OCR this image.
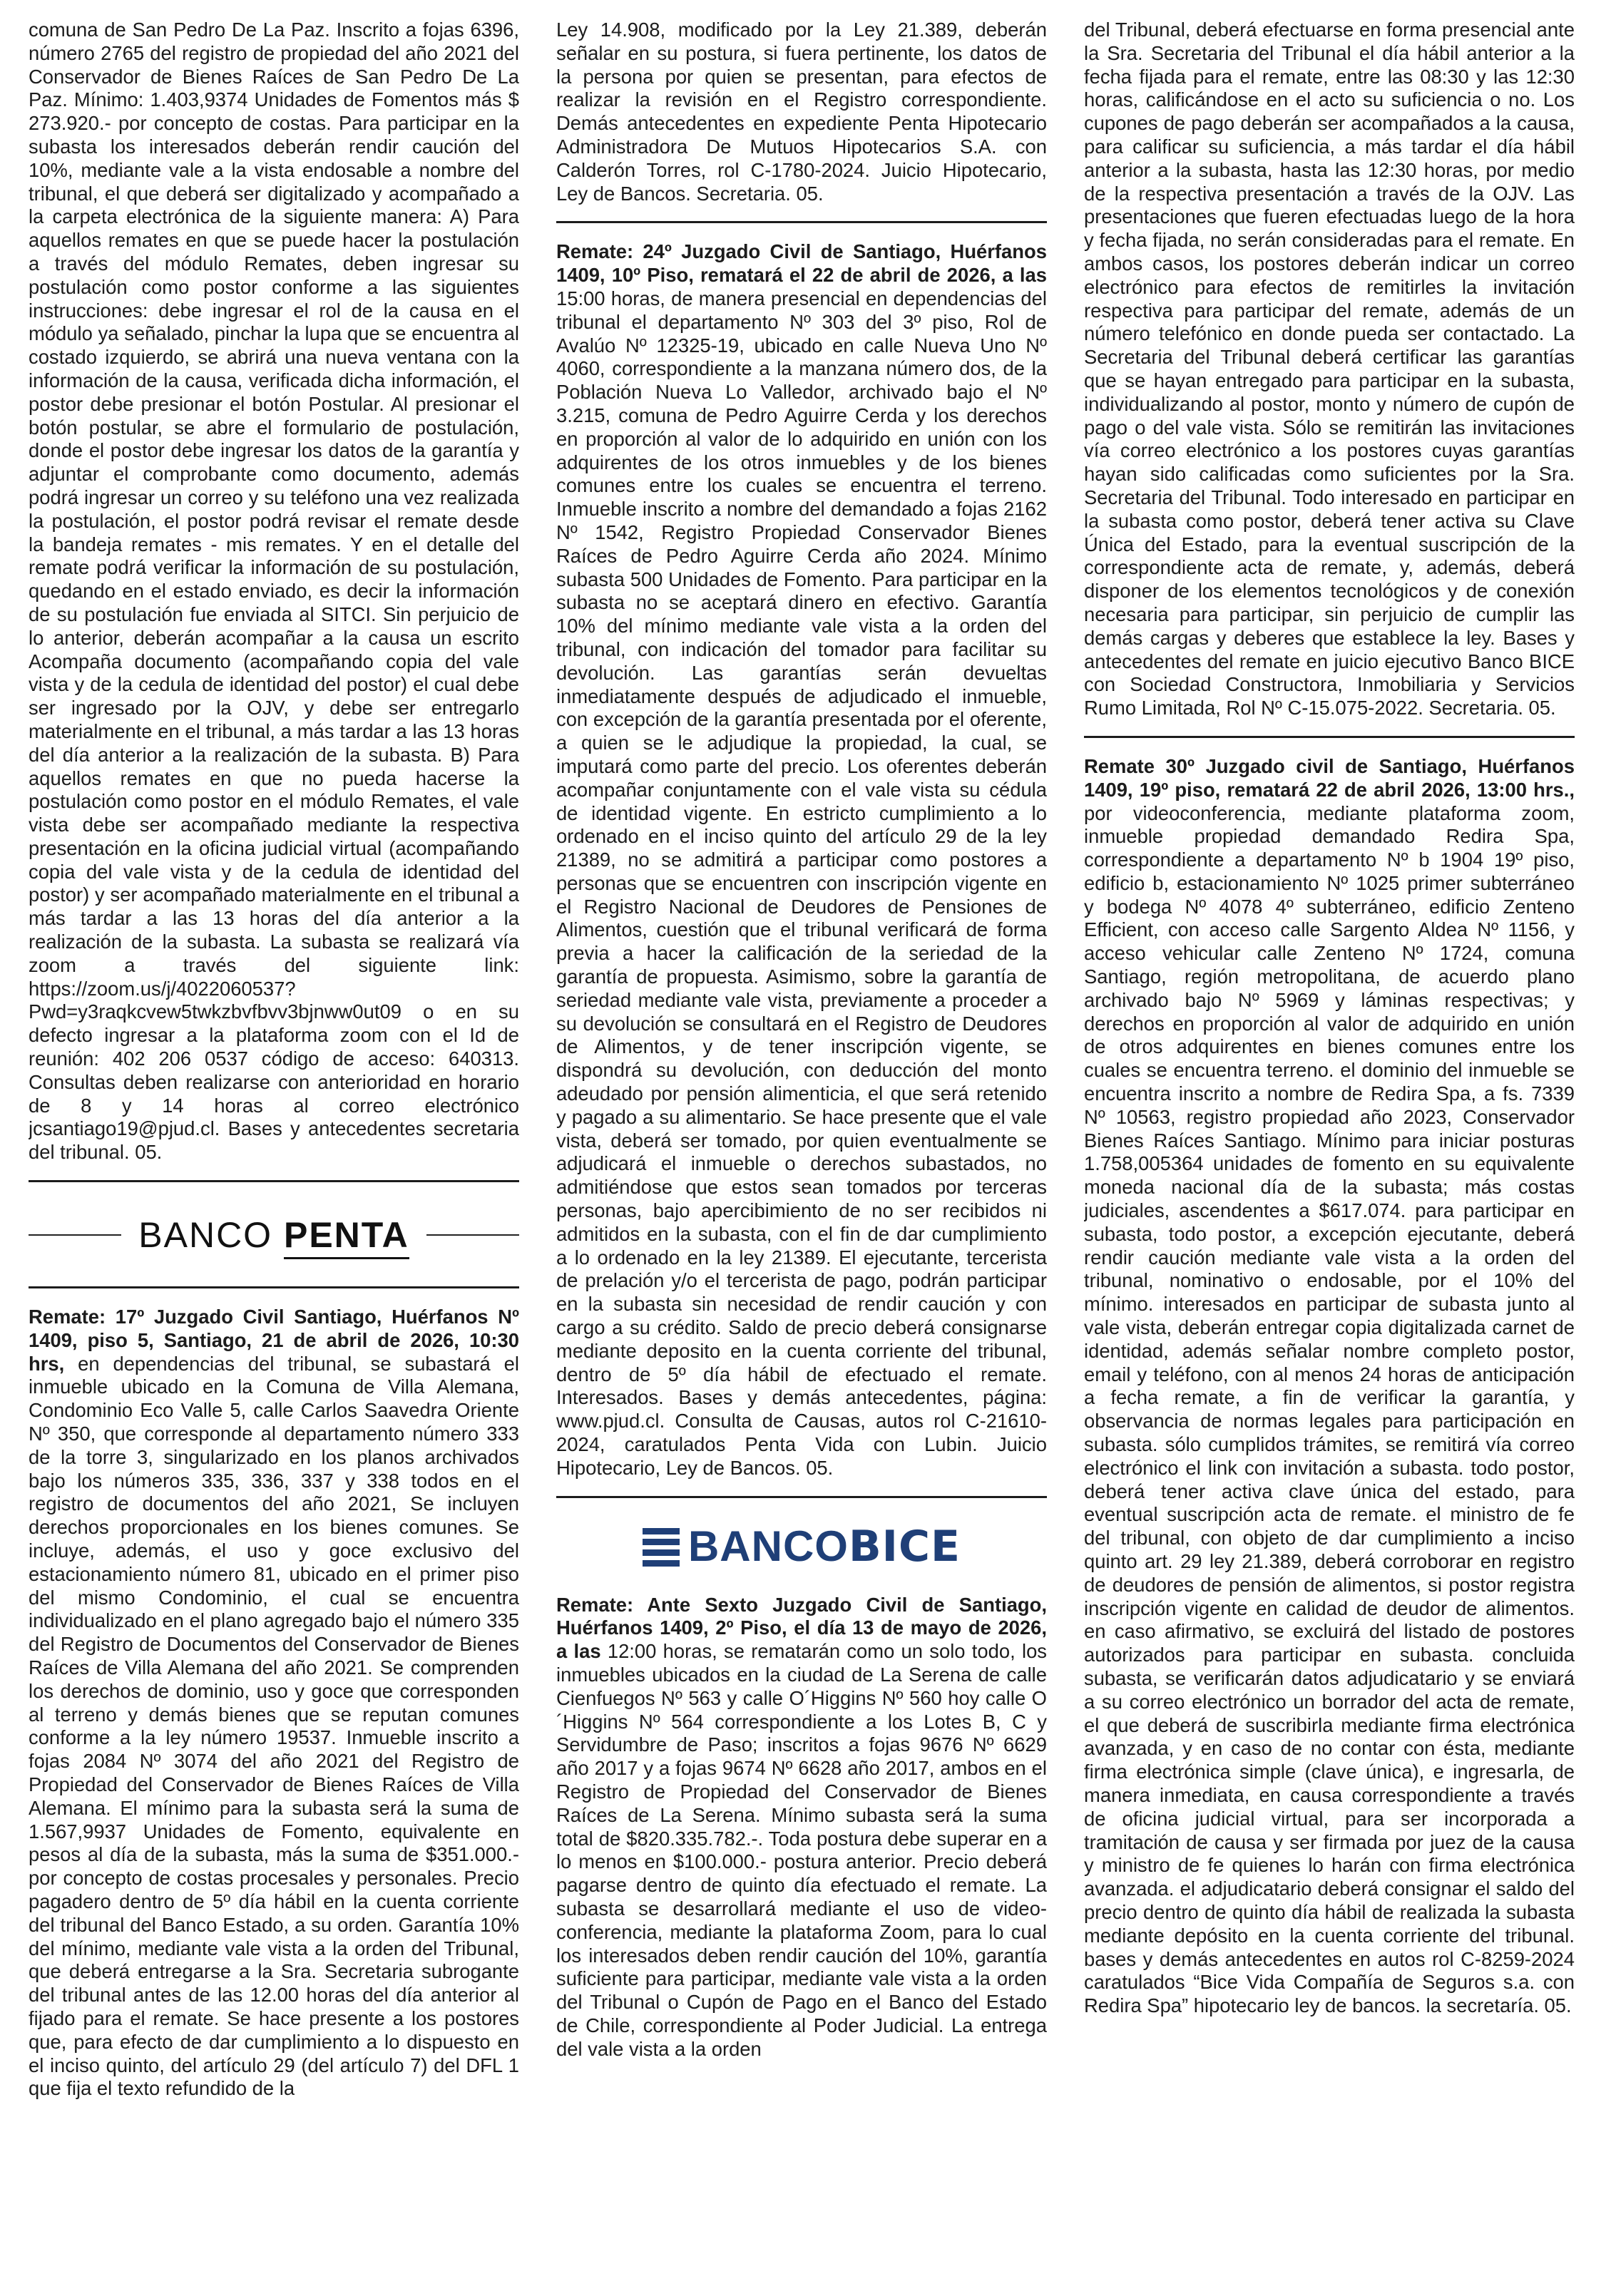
comuna de San Pedro De La Paz. Inscrito a fojas 6396, número 2765 del registro de propiedad del año 2021 del Conservador de Bienes Raíces de San Pedro De La Paz. Mínimo: 1.403,9374 Unidades de Fomentos más $ 273.920.- por concepto de costas. Para participar en la subasta los interesados deberán rendir caución del 10%, mediante vale a la vista endosable a nombre del tribunal, el que deberá ser digitalizado y acompañado a la carpeta electrónica de la siguiente manera: A) Para aquellos remates en que se puede hacer la postulación a través del módulo Remates, deben ingresar su postulación como postor conforme a las siguientes instrucciones: debe ingresar el rol de la causa en el módulo ya señalado, pinchar la lupa que se encuentra al costado izquierdo, se abrirá una nueva ventana con la información de la causa, verificada dicha información, el postor debe presionar el botón Postular. Al presionar el botón postular, se abre el formulario de postulación, donde el postor debe ingresar los datos de la garantía y adjuntar el comprobante como documento, además podrá ingresar un correo y su teléfono una vez realizada la postulación, el postor podrá revisar el remate desde la bandeja remates - mis remates. Y en el detalle del remate podrá verificar la información de su postulación, quedando en el estado enviado, es decir la información de su postulación fue enviada al SITCI. Sin perjuicio de lo anterior, deberán acompañar a la causa un escrito Acompaña documento (acompañando copia del vale vista y de la cedula de identidad del postor) el cual debe ser ingresado por la OJV, y debe ser entregarlo materialmente en el tribunal, a más tardar a las 13 horas del día anterior a la realización de la subasta. B) Para aquellos remates en que no pueda hacerse la postulación como postor en el módulo Remates, el vale vista debe ser acompañado mediante la respectiva presentación en la oficina judicial virtual (acompañando copia del vale vista y de la cedula de identidad del postor) y ser acompañado materialmente en el tribunal a más tardar a las 13 horas del día anterior a la realización de la subasta. La subasta se realizará vía zoom a través del siguiente link: https://zoom.us/j/4022060537?Pwd=y3raqkcvew5twkzbvfbvv3bjnww0ut09 o en su defecto ingresar a la plataforma zoom con el Id de reunión: 402 206 0537 código de acceso: 640313. Consultas deben realizarse con anterioridad en horario de 8 y 14 horas al correo electrónico jcsantiago19@pjud.cl. Bases y antecedentes secretaria del tribunal. 05.

BANCO PENTA

Remate: 17º Juzgado Civil Santiago, Huérfanos Nº 1409, piso 5, Santiago, 21 de abril de 2026, 10:30 hrs, en dependencias del tribunal, se subastará el inmueble ubicado en la Comuna de Villa Alemana, Condominio Eco Valle 5, calle Carlos Saavedra Oriente Nº 350, que corresponde al departamento número 333 de la torre 3, singularizado en los planos archivados bajo los números 335, 336, 337 y 338 todos en el registro de documentos del año 2021, Se incluyen derechos proporcionales en los bienes comunes. Se incluye, además, el uso y goce exclusivo del estacionamiento número 81, ubicado en el primer piso del mismo Condominio, el cual se encuentra individualizado en el plano agregado bajo el número 335 del Registro de Documentos del Conservador de Bienes Raíces de Villa Alemana del año 2021. Se comprenden los derechos de dominio, uso y goce que corresponden al terreno y demás bienes que se reputan comunes conforme a la ley número 19537. Inmueble inscrito a fojas 2084 Nº 3074 del año 2021 del Registro de Propiedad del Conservador de Bienes Raíces de Villa Alemana. El mínimo para la subasta será la suma de 1.567,9937 Unidades de Fomento, equivalente en pesos al día de la subasta, más la suma de $351.000.- por concepto de costas procesales y personales. Precio pagadero dentro de 5º día hábil en la cuenta corriente del tribunal del Banco Estado, a su orden. Garantía 10% del mínimo, mediante vale vista a la orden del Tribunal, que deberá entregarse a la Sra. Secretaria subrogante del tribunal antes de las 12.00 horas del día anterior al fijado para el remate. Se hace presente a los postores que, para efecto de dar cumplimiento a lo dispuesto en el inciso quinto, del artículo 29 (del artículo 7) del DFL 1 que fija el texto refundido de la

Ley 14.908, modificado por la Ley 21.389, deberán señalar en su postura, si fuera pertinente, los datos de la persona por quien se presentan, para efectos de realizar la revisión en el Registro correspondiente. Demás antecedentes en expediente Penta Hipotecario Administradora De Mutuos Hipotecarios S.A. con Calderón Torres, rol C-1780-2024. Juicio Hipotecario, Ley de Bancos. Secretaria. 05.

Remate: 24º Juzgado Civil de Santiago, Huérfanos 1409, 10º Piso, rematará el 22 de abril de 2026, a las 15:00 horas, de manera presencial en dependencias del tribunal el departamento Nº 303 del 3º piso, Rol de Avalúo Nº 12325-19, ubicado en calle Nueva Uno Nº 4060, correspondiente a la manzana número dos, de la Población Nueva Lo Valledor, archivado bajo el Nº 3.215, comuna de Pedro Aguirre Cerda y los derechos en proporción al valor de lo adquirido en unión con los adquirentes de los otros inmuebles y de los bienes comunes entre los cuales se encuentra el terreno. Inmueble inscrito a nombre del demandado a fojas 2162 Nº 1542, Registro Propiedad Conservador Bienes Raíces de Pedro Aguirre Cerda año 2024. Mínimo subasta 500 Unidades de Fomento. Para participar en la subasta no se aceptará dinero en efectivo. Garantía 10% del mínimo mediante vale vista a la orden del tribunal, con indicación del tomador para facilitar su devolución. Las garantías serán devueltas inmediatamente después de adjudicado el inmueble, con excepción de la garantía presentada por el oferente, a quien se le adjudique la propiedad, la cual, se imputará como parte del precio. Los oferentes deberán acompañar conjuntamente con el vale vista su cédula de identidad vigente. En estricto cumplimiento a lo ordenado en el inciso quinto del artículo 29 de la ley 21389, no se admitirá a participar como postores a personas que se encuentren con inscripción vigente en el Registro Nacional de Deudores de Pensiones de Alimentos, cuestión que el tribunal verificará de forma previa a hacer la calificación de la seriedad de la garantía de propuesta. Asimismo, sobre la garantía de seriedad mediante vale vista, previamente a proceder a su devolución se consultará en el Registro de Deudores de Alimentos, y de tener inscripción vigente, se dispondrá su devolución, con deducción del monto adeudado por pensión alimenticia, el que será retenido y pagado a su alimentario. Se hace presente que el vale vista, deberá ser tomado, por quien eventualmente se adjudicará el inmueble o derechos subastados, no admitiéndose que estos sean tomados por terceras personas, bajo apercibimiento de no ser recibidos ni admitidos en la subasta, con el fin de dar cumplimiento a lo ordenado en la ley 21389. El ejecutante, tercerista de prelación y/o el tercerista de pago, podrán participar en la subasta sin necesidad de rendir caución y con cargo a su crédito. Saldo de precio deberá consignarse mediante deposito en la cuenta corriente del tribunal, dentro de 5º día hábil de efectuado el remate. Interesados. Bases y demás antecedentes, página: www.pjud.cl. Consulta de Causas, autos rol C-21610-2024, caratulados Penta Vida con Lubin. Juicio Hipotecario, Ley de Bancos. 05.

BANCOBICE

Remate: Ante Sexto Juzgado Civil de Santiago, Huérfanos 1409, 2º Piso, el día 13 de mayo de 2026, a las 12:00 horas, se rematarán como un solo todo, los inmuebles ubicados en la ciudad de La Serena de calle Cienfuegos Nº 563 y calle O´Higgins Nº 560 hoy calle O´Higgins Nº 564 correspondiente a los Lotes B, C y Servidumbre de Paso; inscritos a fojas 9676 Nº 6629 año 2017 y a fojas 9674 Nº 6628 año 2017, ambos en el Registro de Propiedad del Conservador de Bienes Raíces de La Serena. Mínimo subasta será la suma total de $820.335.782.-. Toda postura debe superar en a lo menos en $100.000.- postura anterior. Precio deberá pagarse dentro de quinto día efectuado el remate. La subasta se desarrollará mediante el uso de video-conferencia, mediante la plataforma Zoom, para lo cual los interesados deben rendir caución del 10%, garantía suficiente para participar, mediante vale vista a la orden del Tribunal o Cupón de Pago en el Banco del Estado de Chile, correspondiente al Poder Judicial. La entrega del vale vista a la orden

del Tribunal, deberá efectuarse en forma presencial ante la Sra. Secretaria del Tribunal el día hábil anterior a la fecha fijada para el remate, entre las 08:30 y las 12:30 horas, calificándose en el acto su suficiencia o no. Los cupones de pago deberán ser acompañados a la causa, para calificar su suficiencia, a más tardar el día hábil anterior a la subasta, hasta las 12:30 horas, por medio de la respectiva presentación a través de la OJV. Las presentaciones que fueren efectuadas luego de la hora y fecha fijada, no serán consideradas para el remate. En ambos casos, los postores deberán indicar un correo electrónico para efectos de remitirles la invitación respectiva para participar del remate, además de un número telefónico en donde pueda ser contactado. La Secretaria del Tribunal deberá certificar las garantías que se hayan entregado para participar en la subasta, individualizando al postor, monto y número de cupón de pago o del vale vista. Sólo se remitirán las invitaciones vía correo electrónico a los postores cuyas garantías hayan sido calificadas como suficientes por la Sra. Secretaria del Tribunal. Todo interesado en participar en la subasta como postor, deberá tener activa su Clave Única del Estado, para la eventual suscripción de la correspondiente acta de remate, y, además, deberá disponer de los elementos tecnológicos y de conexión necesaria para participar, sin perjuicio de cumplir las demás cargas y deberes que establece la ley. Bases y antecedentes del remate en juicio ejecutivo Banco BICE con Sociedad Constructora, Inmobiliaria y Servicios Rumo Limitada, Rol Nº C-15.075-2022. Secretaria. 05.

Remate 30º Juzgado civil de Santiago, Huérfanos 1409, 19º piso, rematará 22 de abril 2026, 13:00 hrs., por videoconferencia, mediante plataforma zoom, inmueble propiedad demandado Redira Spa, correspondiente a departamento Nº b 1904 19º piso, edificio b, estacionamiento Nº 1025 primer subterráneo y bodega Nº 4078 4º subterráneo, edificio Zenteno Efficient, con acceso calle Sargento Aldea Nº 1156, y acceso vehicular calle Zenteno Nº 1724, comuna Santiago, región metropolitana, de acuerdo plano archivado bajo Nº 5969 y láminas respectivas; y derechos en proporción al valor de adquirido en unión de otros adquirentes en bienes comunes entre los cuales se encuentra terreno. el dominio del inmueble se encuentra inscrito a nombre de Redira Spa, a fs. 7339 Nº 10563, registro propiedad año 2023, Conservador Bienes Raíces Santiago. Mínimo para iniciar posturas 1.758,005364 unidades de fomento en su equivalente moneda nacional día de la subasta; más costas judiciales, ascendentes a $617.074. para participar en subasta, todo postor, a excepción ejecutante, deberá rendir caución mediante vale vista a la orden del tribunal, nominativo o endosable, por el 10% del mínimo. interesados en participar de subasta junto al vale vista, deberán entregar copia digitalizada carnet de identidad, además señalar nombre completo postor, email y teléfono, con al menos 24 horas de anticipación a fecha remate, a fin de verificar la garantía, y observancia de normas legales para participación en subasta. sólo cumplidos trámites, se remitirá vía correo electrónico el link con invitación a subasta. todo postor, deberá tener activa clave única del estado, para eventual suscripción acta de remate. el ministro de fe del tribunal, con objeto de dar cumplimiento a inciso quinto art. 29 ley 21.389, deberá corroborar en registro de deudores de pensión de alimentos, si postor registra inscripción vigente en calidad de deudor de alimentos. en caso afirmativo, se excluirá del listado de postores autorizados para participar en subasta. concluida subasta, se verificarán datos adjudicatario y se enviará a su correo electrónico un borrador del acta de remate, el que deberá de suscribirla mediante firma electrónica avanzada, y en caso de no contar con ésta, mediante firma electrónica simple (clave única), e ingresarla, de manera inmediata, en causa correspondiente a través de oficina judicial virtual, para ser incorporada a tramitación de causa y ser firmada por juez de la causa y ministro de fe quienes lo harán con firma electrónica avanzada. el adjudicatario deberá consignar el saldo del precio dentro de quinto día hábil de realizada la subasta mediante depósito en la cuenta corriente del tribunal. bases y demás antecedentes en autos rol C-8259-2024 caratulados “Bice Vida Compañía de Seguros s.a. con Redira Spa” hipotecario ley de bancos. la secretaría. 05.
